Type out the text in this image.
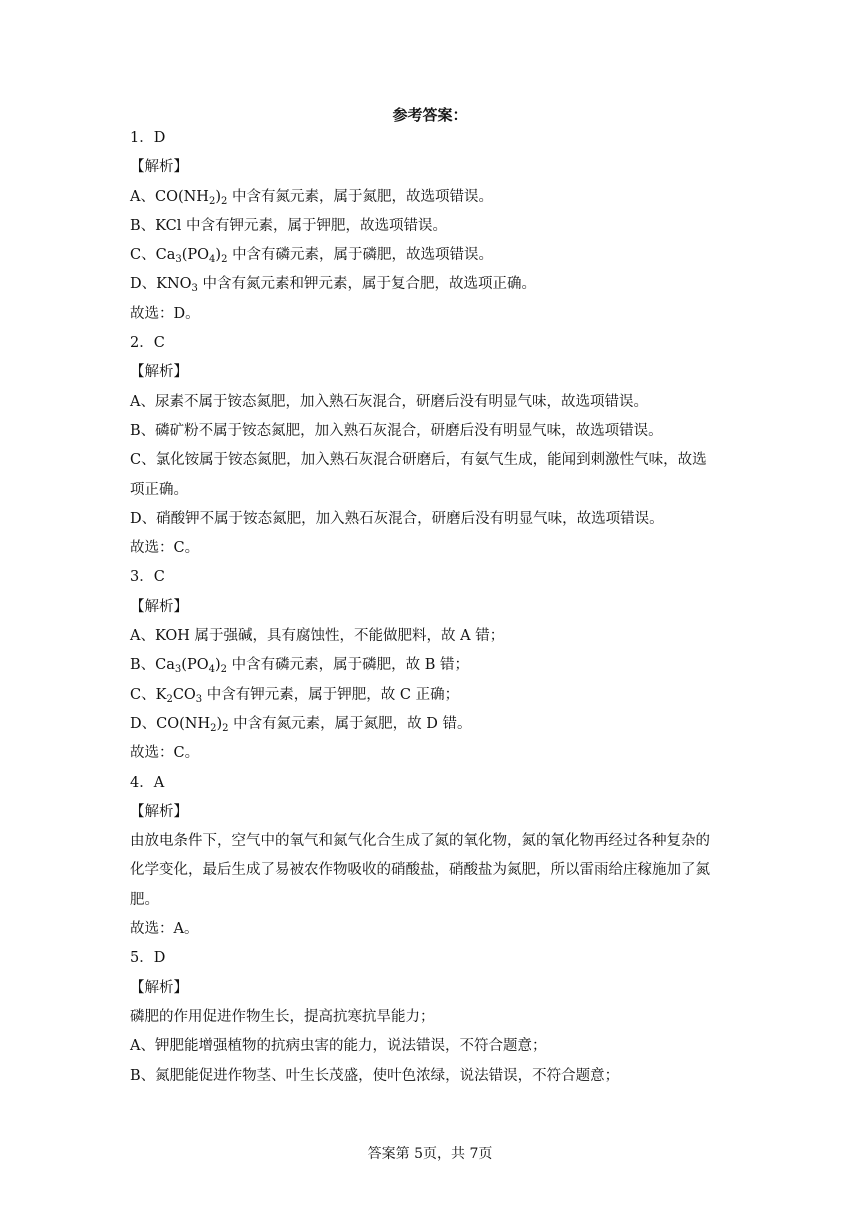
参考答案：
1．D
【解析】
A、$CO(NH_2)_2$ 中含有氮元素，属于氮肥，故选项错误。
B、KCl 中含有钾元素，属于钾肥，故选项错误。
C、$Ca_3(PO_4)_2$ 中含有磷元素，属于磷肥，故选项错误。
D、$KNO_3$ 中含有氮元素和钾元素，属于复合肥，故选项正确。
故选：D。
2．C
【解析】
A、尿素不属于铵态氮肥，加入熟石灰混合，研磨后没有明显气味，故选项错误。
B、磷矿粉不属于铵态氮肥，加入熟石灰混合，研磨后没有明显气味，故选项错误。
C、氯化铵属于铵态氮肥，加入熟石灰混合研磨后，有氨气生成，能闻到刺激性气味，故选
项正确。
D、硝酸钾不属于铵态氮肥，加入熟石灰混合，研磨后没有明显气味，故选项错误。
故选：C。
3．C
【解析】
A、KOH 属于强碱，具有腐蚀性，不能做肥料，故 A 错；
B、$Ca_3(PO_4)_2$ 中含有磷元素，属于磷肥，故 B 错；
C、$K_2CO_3$ 中含有钾元素，属于钾肥，故 C 正确；
D、$CO(NH_2)_2$ 中含有氮元素，属于氮肥，故 D 错。
故选：C。
4．A
【解析】
由放电条件下，空气中的氧气和氮气化合生成了氮的氧化物，氮的氧化物再经过各种复杂的
化学变化，最后生成了易被农作物吸收的硝酸盐，硝酸盐为氮肥，所以雷雨给庄稼施加了氮
肥。
故选：A。
5．D
【解析】
磷肥的作用促进作物生长，提高抗寒抗旱能力；
A、钾肥能增强植物的抗病虫害的能力，说法错误，不符合题意；
B、氮肥能促进作物茎、叶生长茂盛，使叶色浓绿，说法错误，不符合题意；
答案第 5页，共 7页
